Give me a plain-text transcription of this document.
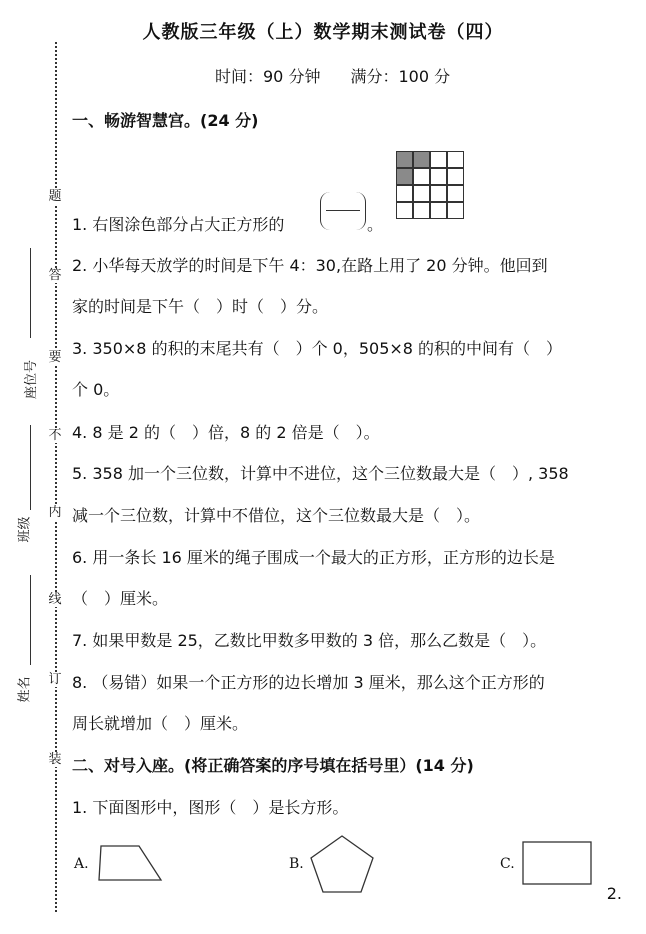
人教版三年级（上）数学期末测试卷（四）
时间：90 分钟 满分：100 分
题
答
要
不
内
线
订
装
座位号
班级
姓名
一、畅游智慧宫。(24 分)
1. 右图涂色部分占大正方形的	。
2. 小华每天放学的时间是下午 4：30,在路上用了 20 分钟。他回到
家的时间是下午（　）时（　）分。
3. 350×8 的积的末尾共有（　）个 0，505×8 的积的中间有（　）
个 0。
4. 8 是 2 的（　）倍，8 的 2 倍是（　）。
5. 358 加一个三位数，计算中不进位，这个三位数最大是（　）, 358
减一个三位数，计算中不借位，这个三位数最大是（　）。
6. 用一条长 16 厘米的绳子围成一个最大的正方形，正方形的边长是
（　）厘米。
7. 如果甲数是 25，乙数比甲数多甲数的 3 倍，那么乙数是（　）。
8. （易错）如果一个正方形的边长增加 3 厘米，那么这个正方形的
周长就增加（　）厘米。
二、对号入座。(将正确答案的序号填在括号里）(14 分)
1. 下面图形中，图形（　）是长方形。
A.	B.	C.
2.
